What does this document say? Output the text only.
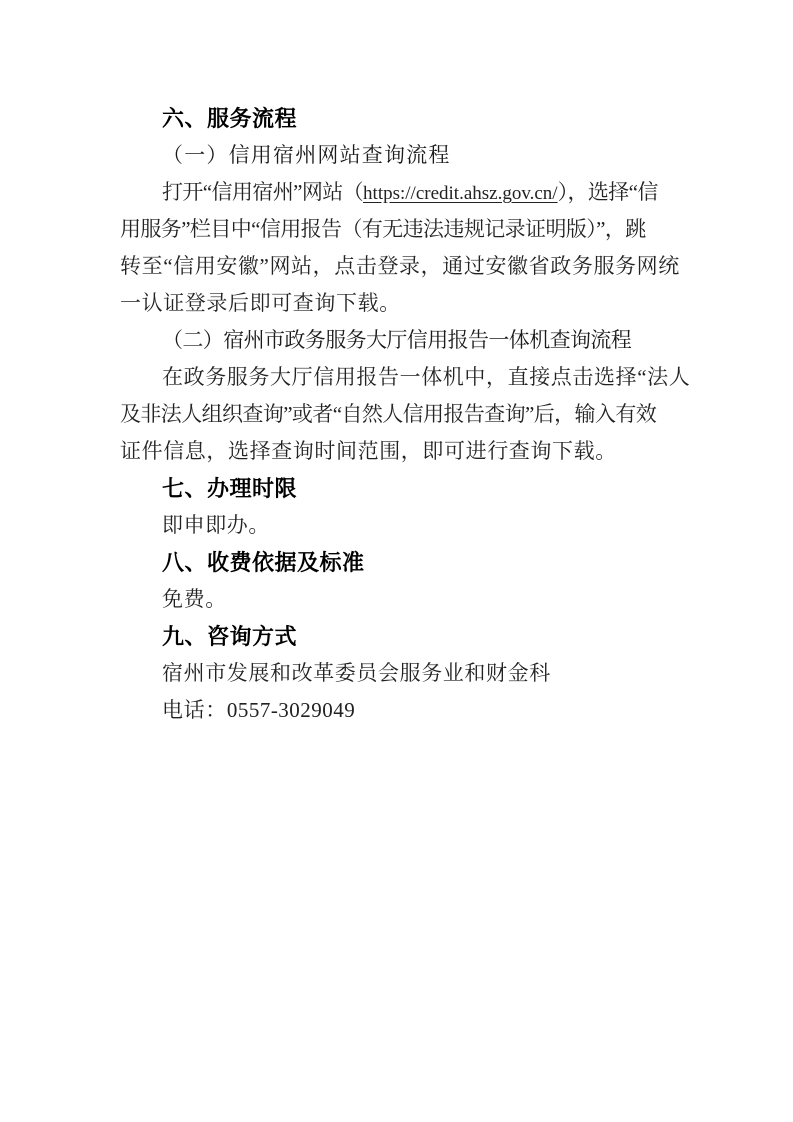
六、服务流程
（一）信用宿州网站查询流程
打开“信用宿州”网站（https://credit.ahsz.gov.cn/），选择“信
用服务”栏目中“信用报告（有无违法违规记录证明版）”，跳
转至“信用安徽”网站，点击登录，通过安徽省政务服务网统
一认证登录后即可查询下载。
（二）宿州市政务服务大厅信用报告一体机查询流程
在政务服务大厅信用报告一体机中，直接点击选择“法人
及非法人组织查询”或者“自然人信用报告查询”后，输入有效
证件信息，选择查询时间范围，即可进行查询下载。
七、办理时限
即申即办。
八、收费依据及标准
免费。
九、咨询方式
宿州市发展和改革委员会服务业和财金科
电话：0557-3029049
